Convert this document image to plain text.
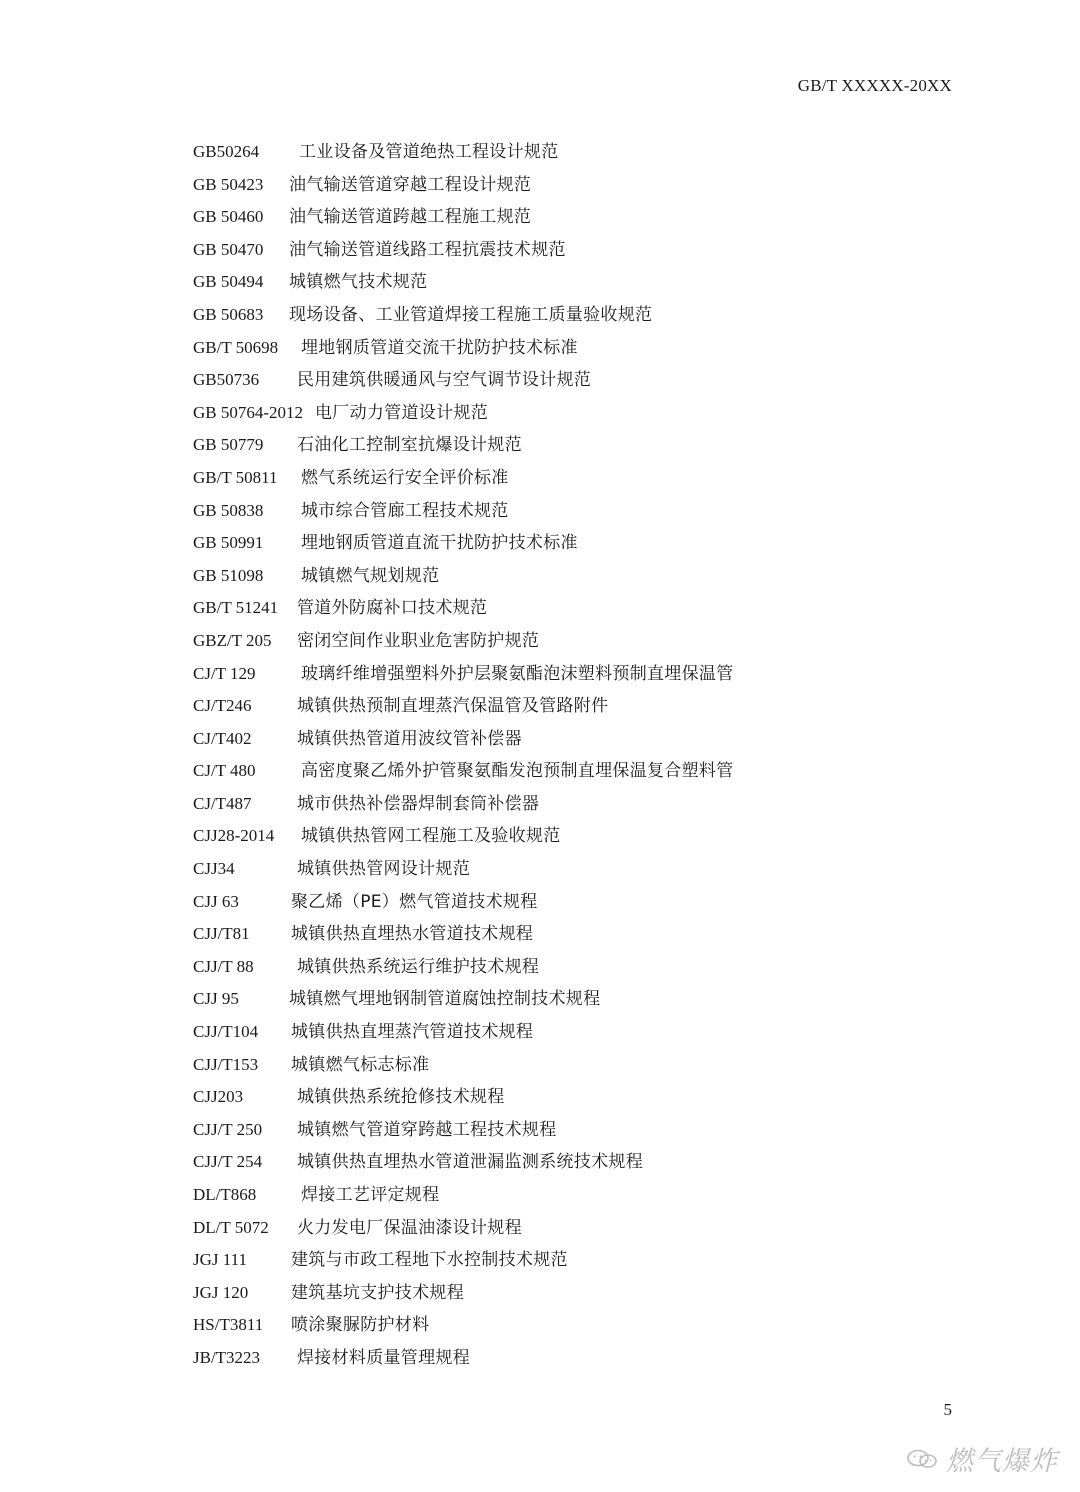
GB/T XXXXX-20XX
GB50264	工业设备及管道绝热工程设计规范
GB 50423	油气输送管道穿越工程设计规范
GB 50460	油气输送管道跨越工程施工规范
GB 50470	油气输送管道线路工程抗震技术规范
GB 50494	城镇燃气技术规范
GB 50683	现场设备、工业管道焊接工程施工质量验收规范
GB/T 50698	埋地钢质管道交流干扰防护技术标准
GB50736	民用建筑供暖通风与空气调节设计规范
GB 50764-2012 电厂动力管道设计规范
GB 50779	石油化工控制室抗爆设计规范
GB/T 50811	燃气系统运行安全评价标准
GB 50838	城市综合管廊工程技术规范
GB 50991	埋地钢质管道直流干扰防护技术标准
GB 51098	城镇燃气规划规范
GB/T 51241	管道外防腐补口技术规范
GBZ/T 205	密闭空间作业职业危害防护规范
CJ/T 129	玻璃纤维增强塑料外护层聚氨酯泡沫塑料预制直埋保温管
CJ/T246	城镇供热预制直埋蒸汽保温管及管路附件
CJ/T402	城镇供热管道用波纹管补偿器
CJ/T 480	高密度聚乙烯外护管聚氨酯发泡预制直埋保温复合塑料管
CJ/T487	城市供热补偿器焊制套筒补偿器
CJJ28-2014	城镇供热管网工程施工及验收规范
CJJ34	城镇供热管网设计规范
CJJ 63	聚乙烯（PE）燃气管道技术规程
CJJ/T81	城镇供热直埋热水管道技术规程
CJJ/T 88	城镇供热系统运行维护技术规程
CJJ 95	城镇燃气埋地钢制管道腐蚀控制技术规程
CJJ/T104	城镇供热直埋蒸汽管道技术规程
CJJ/T153	城镇燃气标志标准
CJJ203	城镇供热系统抢修技术规程
CJJ/T 250	城镇燃气管道穿跨越工程技术规程
CJJ/T 254	城镇供热直埋热水管道泄漏监测系统技术规程
DL/T868	焊接工艺评定规程
DL/T 5072	火力发电厂保温油漆设计规程
JGJ 111	建筑与市政工程地下水控制技术规范
JGJ 120	建筑基坑支护技术规程
HS/T3811	喷涂聚脲防护材料
JB/T3223	焊接材料质量管理规程
5
燃气爆炸
